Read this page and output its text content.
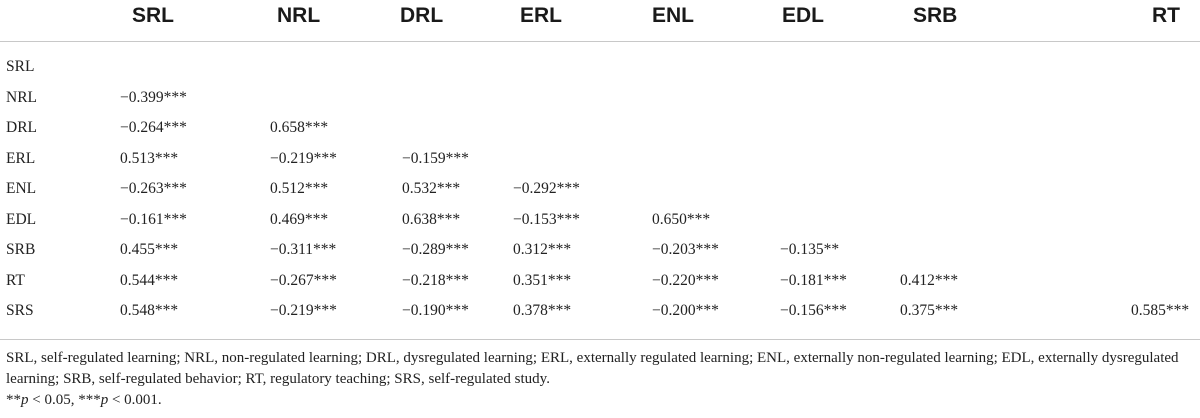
SRL	NRL	DRL	ERL	ENL	EDL	SRB	RT
SRL
NRL	−0.399***
DRL	−0.264***	0.658***
ERL	0.513***	−0.219***	−0.159***
ENL	−0.263***	0.512***	0.532***	−0.292***
EDL	−0.161***	0.469***	0.638***	−0.153***	0.650***
SRB	0.455***	−0.311***	−0.289***	0.312***	−0.203***	−0.135**
RT	0.544***	−0.267***	−0.218***	0.351***	−0.220***	−0.181***	0.412***
SRS	0.548***	−0.219***	−0.190***	0.378***	−0.200***	−0.156***	0.375***	0.585***
SRL, self-regulated learning; NRL, non-regulated learning; DRL, dysregulated learning; ERL, externally regulated learning; ENL, externally non-regulated learning; EDL, externally dysregulated learning; SRB, self-regulated behavior; RT, regulatory teaching; SRS, self-regulated study.
**p < 0.05, ***p < 0.001.
